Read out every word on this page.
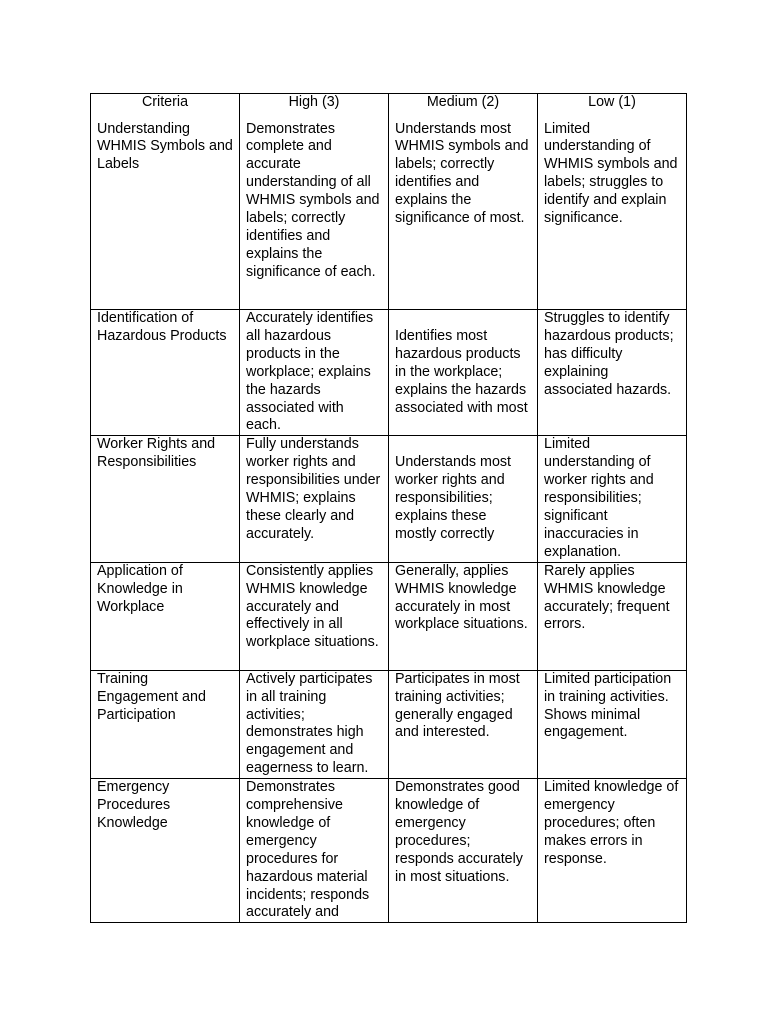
Criteria	High (3)	Medium (2)	Low (1)
Understanding WHMIS Symbols and Labels	Demonstrates complete and accurate understanding of all WHMIS symbols and labels; correctly identifies and explains the significance of each.	Understands most WHMIS symbols and labels; correctly identifies and explains the significance of most.	Limited understanding of WHMIS symbols and labels; struggles to identify and explain significance.
Identification of Hazardous Products	Accurately identifies all hazardous products in the workplace; explains the hazards associated with each.	Identifies most hazardous products in the workplace; explains the hazards associated with most	Struggles to identify hazardous products; has difficulty explaining associated hazards.
Worker Rights and Responsibilities	Fully understands worker rights and responsibilities under WHMIS; explains these clearly and accurately.	Understands most worker rights and responsibilities; explains these mostly correctly	Limited understanding of worker rights and responsibilities; significant inaccuracies in explanation.
Application of Knowledge in Workplace	Consistently applies WHMIS knowledge accurately and effectively in all workplace situations.	Generally, applies WHMIS knowledge accurately in most workplace situations.	Rarely applies WHMIS knowledge accurately; frequent errors.
Training Engagement and Participation	Actively participates in all training activities; demonstrates high engagement and eagerness to learn.	Participates in most training activities; generally engaged and interested.	Limited participation in training activities. Shows minimal engagement.
Emergency Procedures Knowledge	Demonstrates comprehensive knowledge of emergency procedures for hazardous material incidents; responds accurately and	Demonstrates good knowledge of emergency procedures; responds accurately in most situations.	Limited knowledge of emergency procedures; often makes errors in response.
